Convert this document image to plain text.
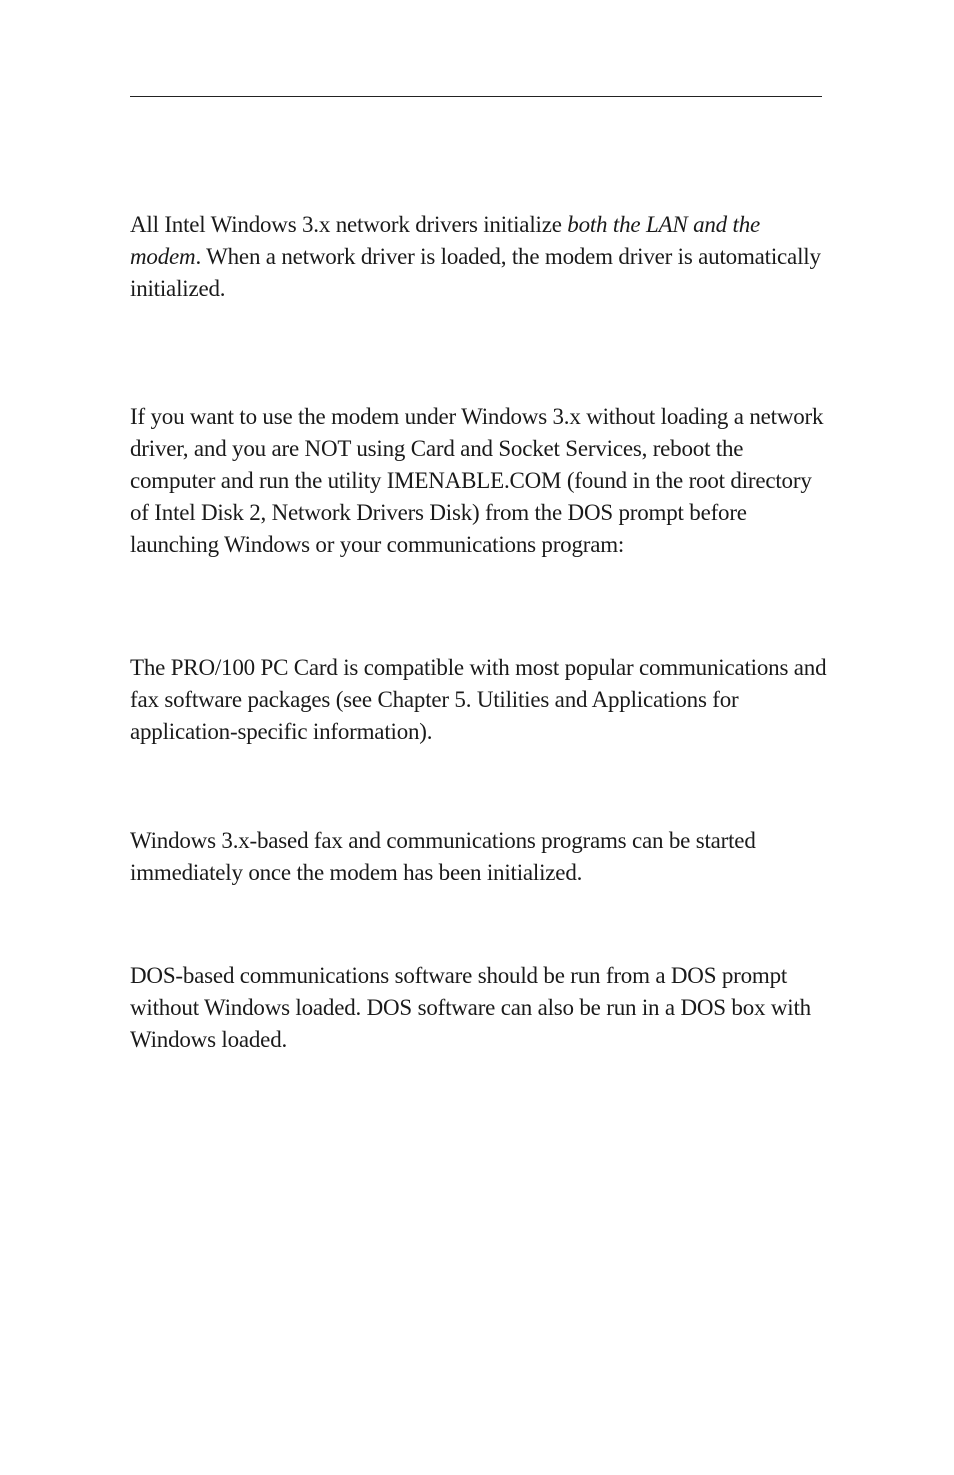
All Intel Windows 3.x network drivers initialize both the LAN and the modem. When a network driver is loaded, the modem driver is automatically initialized.

If you want to use the modem under Windows 3.x without loading a network driver, and you are NOT using Card and Socket Services, reboot the computer and run the utility IMENABLE.COM (found in the root directory of Intel Disk 2, Network Drivers Disk) from the DOS prompt before launching Windows or your communications program:

The PRO/100 PC Card is compatible with most popular communications and fax software packages (see Chapter 5. Utilities and Applications for application-specific information).

Windows 3.x-based fax and communications programs can be started immediately once the modem has been initialized.

DOS-based communications software should be run from a DOS prompt without Windows loaded. DOS software can also be run in a DOS box with Windows loaded.
